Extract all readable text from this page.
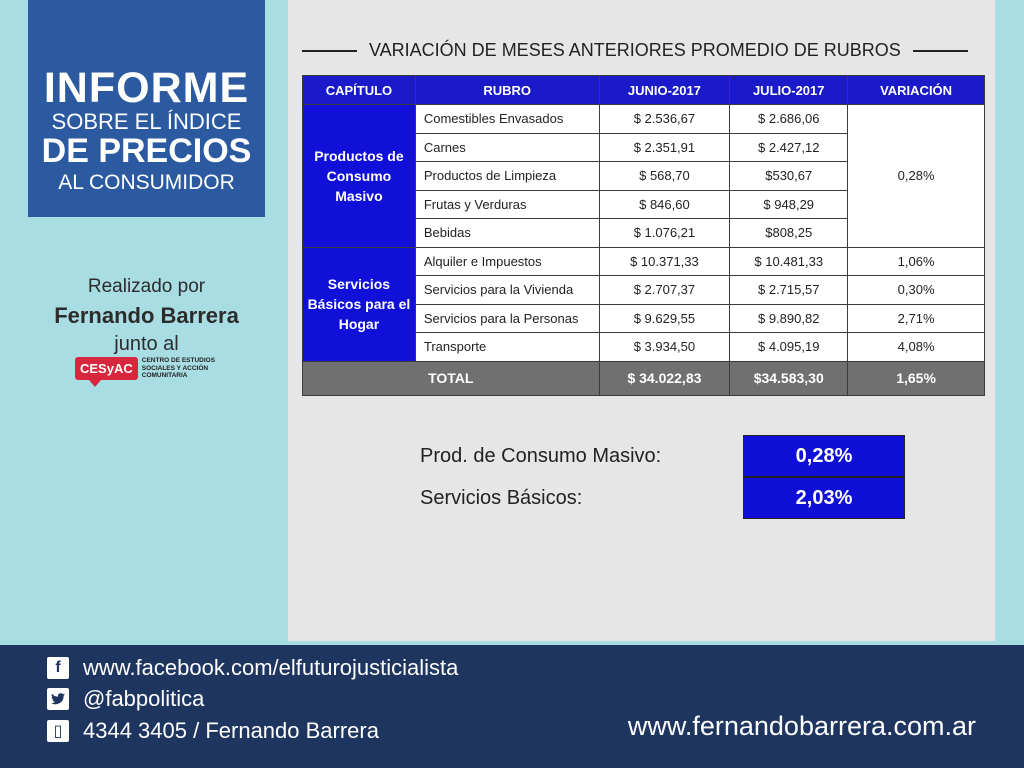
INFORME
SOBRE EL ÍNDICE
DE PRECIOS
AL CONSUMIDOR
Realizado por
Fernando Barrera
junto al
CESyAC
CENTRO DE ESTUDIOS SOCIALES Y ACCIÓN COMUNITARIA
VARIACIÓN DE MESES ANTERIORES PROMEDIO DE RUBROS
CAPÍTULO	RUBRO	JUNIO-2017	JULIO-2017	VARIACIÓN
Productos de Consumo Masivo	Comestibles Envasados	$ 2.536,67	$ 2.686,06	0,28%
	Carnes	$ 2.351,91	$ 2.427,12	
	Productos de Limpieza	$ 568,70	$530,67	
	Frutas y Verduras	$ 846,60	$ 948,29	
	Bebidas	$ 1.076,21	$808,25	
Servicios Básicos para el Hogar	Alquiler e Impuestos	$ 10.371,33	$ 10.481,33	1,06%
	Servicios para la Vivienda	$ 2.707,37	$ 2.715,57	0,30%
	Servicios para la Personas	$ 9.629,55	$ 9.890,82	2,71%
	Transporte	$ 3.934,50	$ 4.095,19	4,08%
TOTAL		$ 34.022,83	$34.583,30	1,65%
Prod. de Consumo Masivo:	0,28%
Servicios Básicos:	2,03%
f	www.facebook.com/elfuturojusticialista
@fabpolitica
▯ 4344 3405 / Fernando Barrera	www.fernandobarrera.com.ar
